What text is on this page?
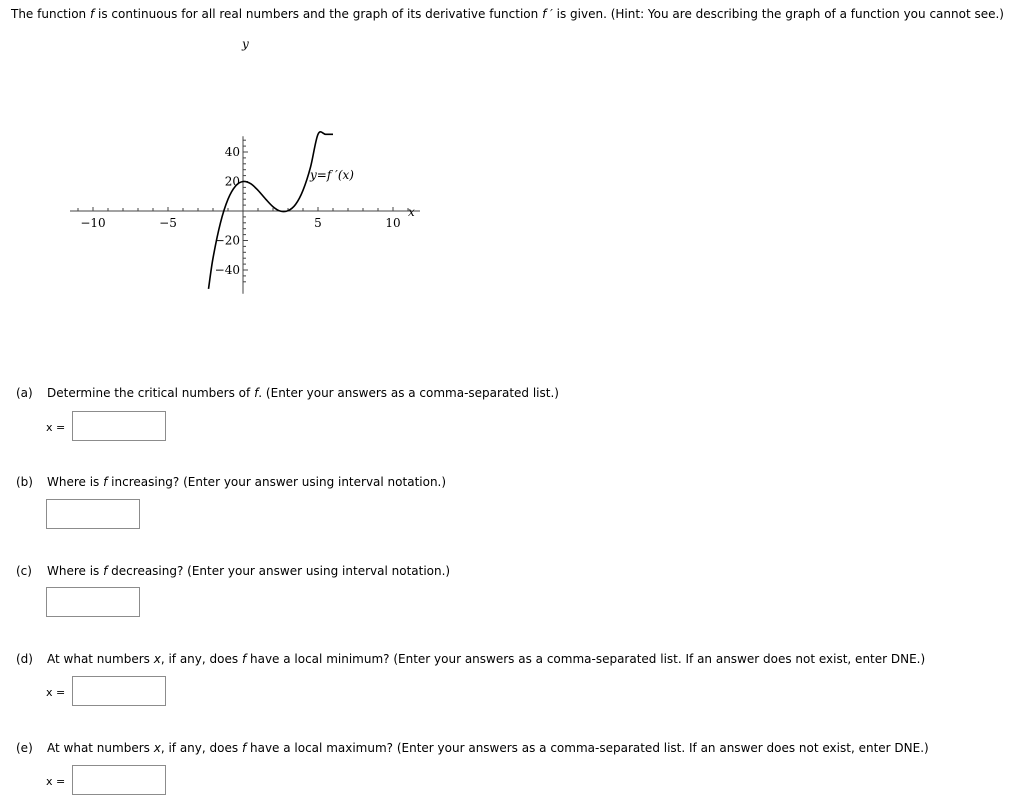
The function f is continuous for all real numbers and the graph of its derivative function f ′ is given. (Hint: You are describing the graph of a function you cannot see.)
−10	−5	5	10
40
20
−20
−40
x
y
y=f ′(x)
(a) Determine the critical numbers of f. (Enter your answers as a comma-separated list.)
x =
(b) Where is f increasing? (Enter your answer using interval notation.)
(c) Where is f decreasing? (Enter your answer using interval notation.)
(d) At what numbers x, if any, does f have a local minimum? (Enter your answers as a comma-separated list. If an answer does not exist, enter DNE.)
x =
(e) At what numbers x, if any, does f have a local maximum? (Enter your answers as a comma-separated list. If an answer does not exist, enter DNE.)
x =
